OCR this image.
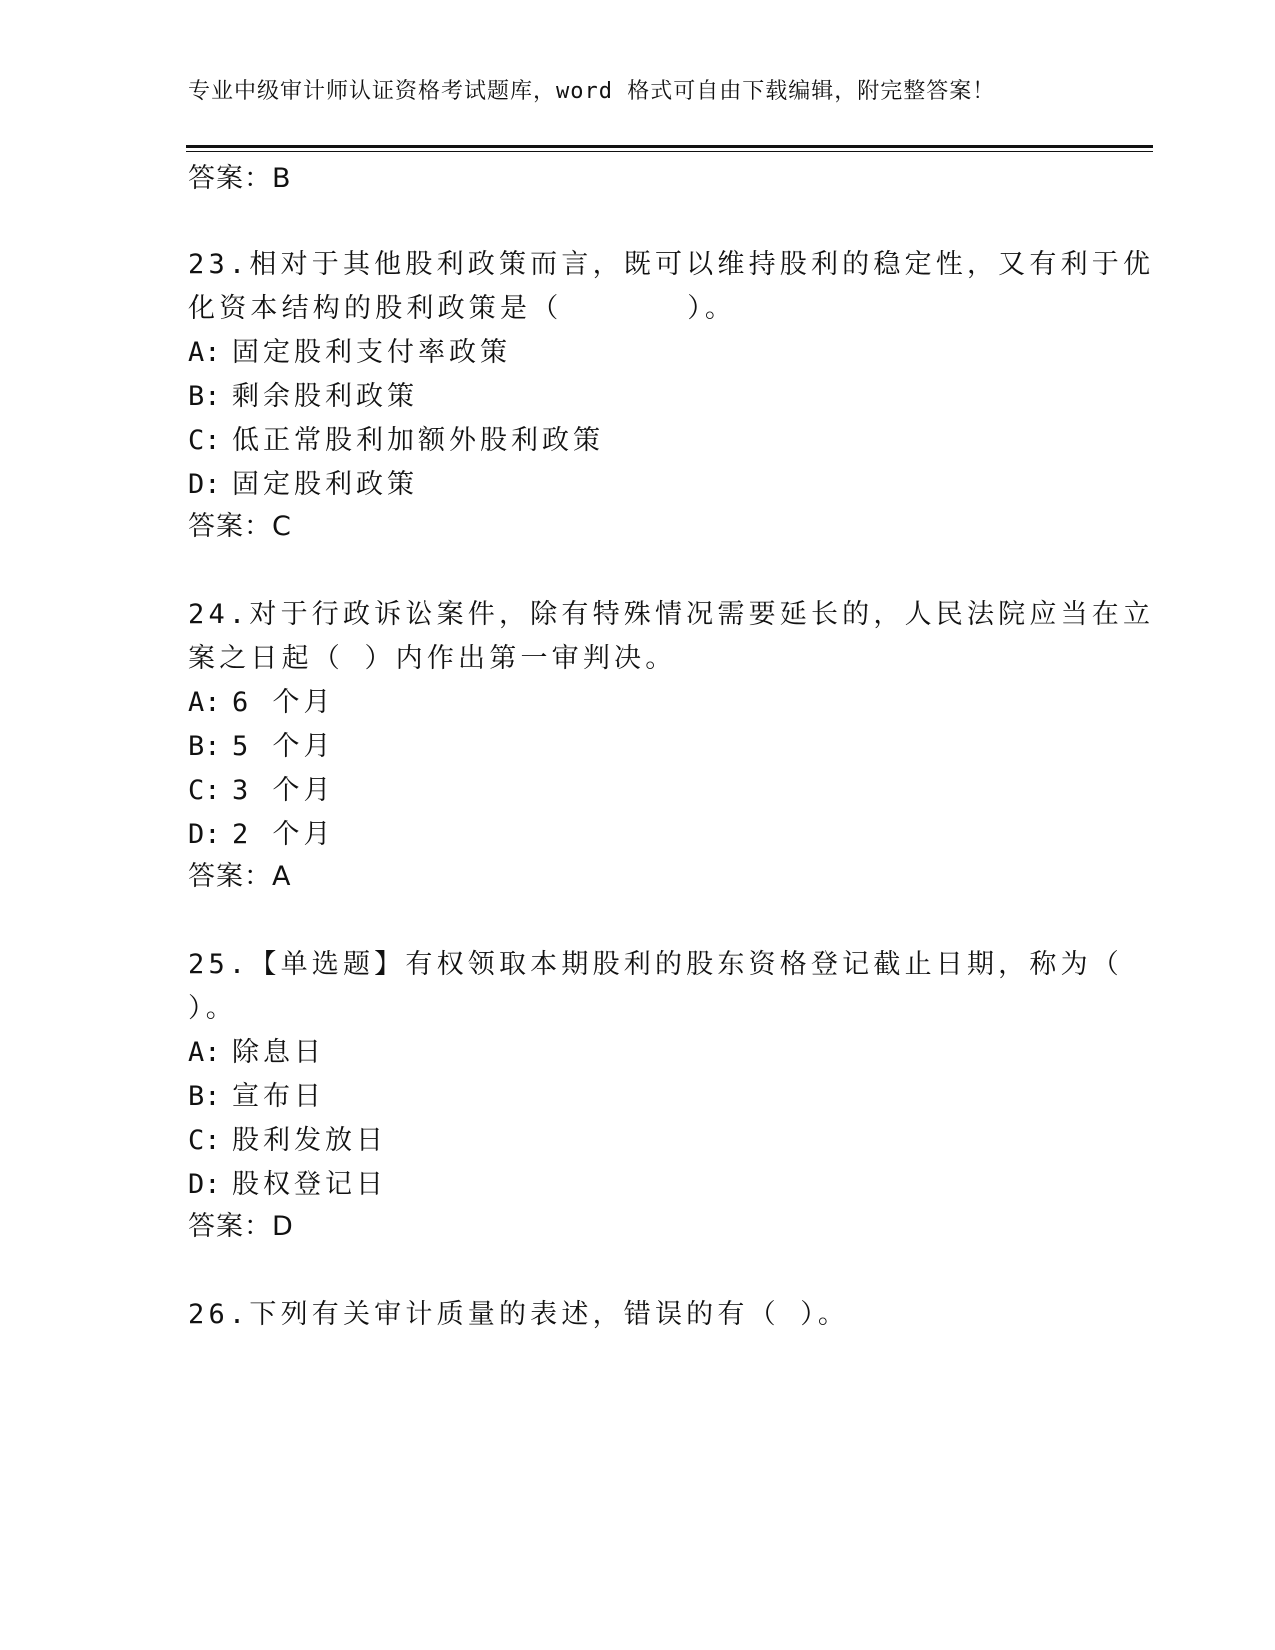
专业中级审计师认证资格考试题库，word 格式可自由下载编辑，附完整答案！
答案：B
23.相对于其他股利政策而言，既可以维持股利的稳定性，又有利于优
化资本结构的股利政策是（　　　　）。
A: 固定股利支付率政策
B: 剩余股利政策
C: 低正常股利加额外股利政策
D: 固定股利政策
答案：C
24.对于行政诉讼案件，除有特殊情况需要延长的，人民法院应当在立
案之日起（ ）内作出第一审判决。
A: 6 个月
B: 5 个月
C: 3 个月
D: 2 个月
答案：A
25.【单选题】有权领取本期股利的股东资格登记截止日期，称为（
）。
A: 除息日
B: 宣布日
C: 股利发放日
D: 股权登记日
答案：D
26.下列有关审计质量的表述，错误的有（ ）。
